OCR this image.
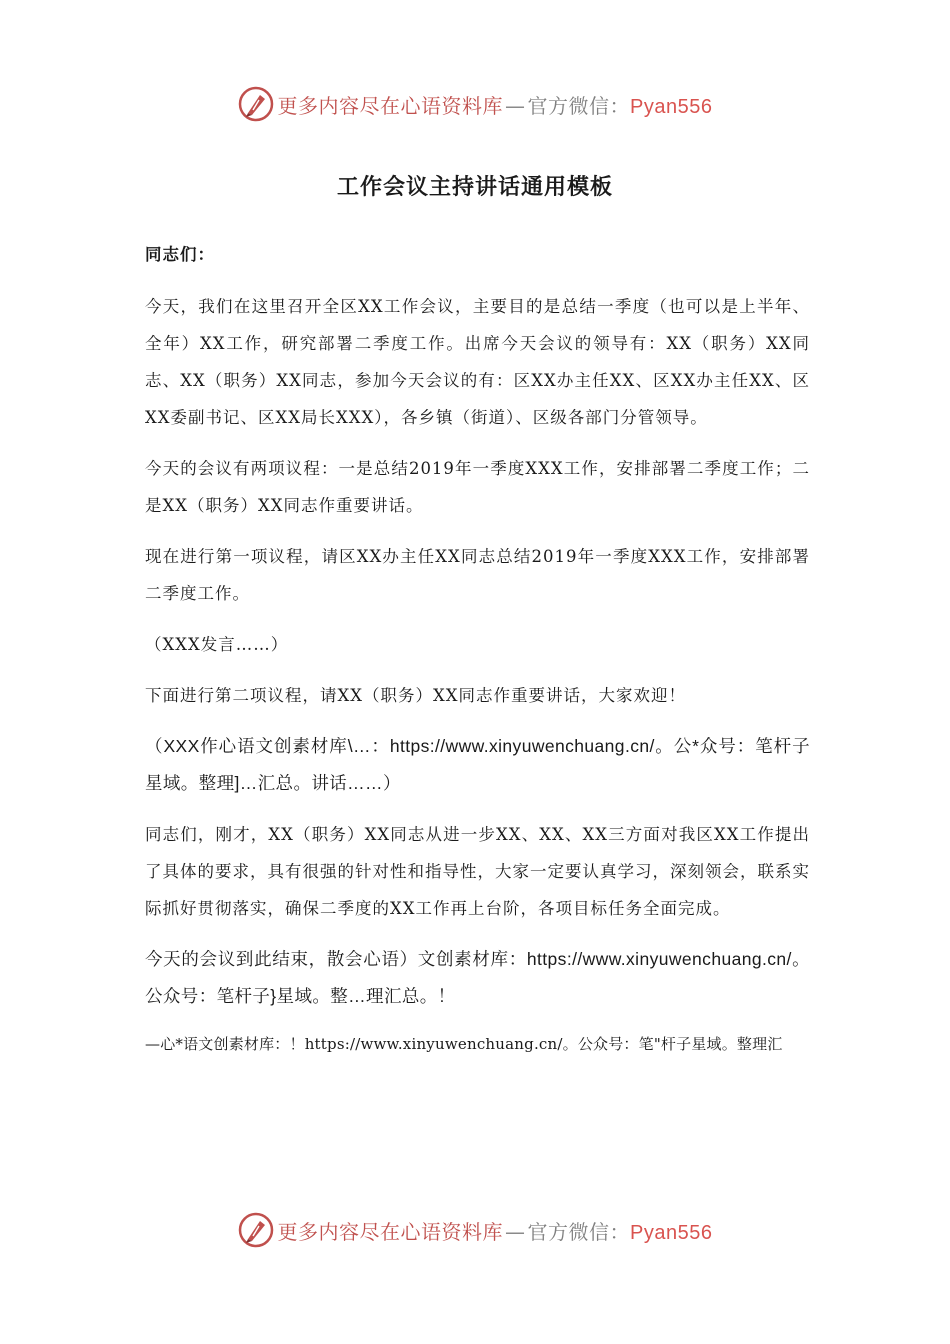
更多内容尽在心语资料库 — 官方微信：Pyan556
工作会议主持讲话通用模板

同志们：

今天，我们在这里召开全区XX工作会议，主要目的是总结一季度（也可以是上半年、全年）XX工作，研究部署二季度工作。出席今天会议的领导有：XX（职务）XX同志、XX（职务）XX同志，参加今天会议的有：区XX办主任XX、区XX办主任XX、区XX委副书记、区XX局长XXX），各乡镇（街道）、区级各部门分管领导。

今天的会议有两项议程：一是总结2019年一季度XXX工作，安排部署二季度工作；二是XX（职务）XX同志作重要讲话。

现在进行第一项议程，请区XX办主任XX同志总结2019年一季度XXX工作，安排部署二季度工作。

（XXX发言……）

下面进行第二项议程，请XX（职务）XX同志作重要讲话，大家欢迎！

（XXX作心语文创素材库\…：https://www.xinyuwenchuang.cn/。公*众号：笔杆子星域。整理]…汇总。讲话……）

同志们，刚才，XX（职务）XX同志从进一步XX、XX、XX三方面对我区XX工作提出了具体的要求，具有很强的针对性和指导性，大家一定要认真学习，深刻领会，联系实际抓好贯彻落实，确保二季度的XX工作再上台阶，各项目标任务全面完成。

今天的会议到此结束，散会心语）文创素材库：https://www.xinyuwenchuang.cn/。公众号：笔杆子}星域。整…理汇总。！

—心*语文创素材库：！https://www.xinyuwenchuang.cn/。公众号：笔"杆子星域。整理汇

更多内容尽在心语资料库 — 官方微信：Pyan556
